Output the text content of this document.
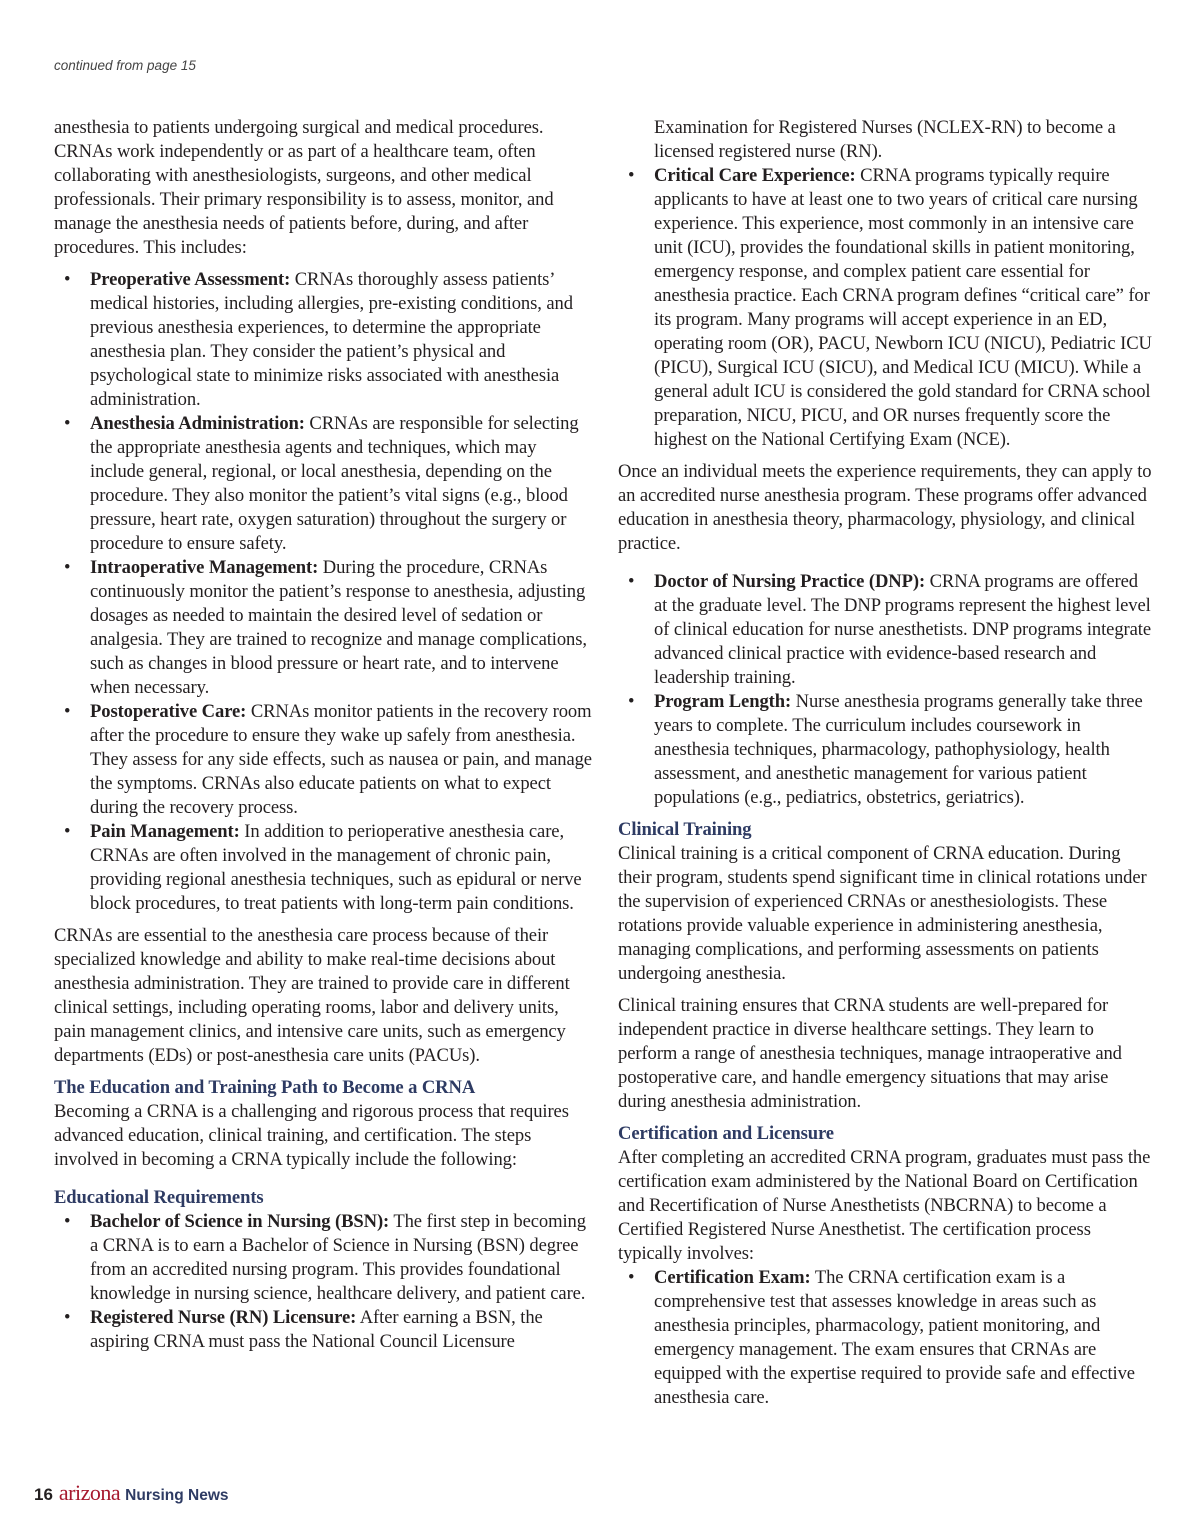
continued from page 15

anesthesia to patients undergoing surgical and medical procedures. CRNAs work independently or as part of a healthcare team, often collaborating with anesthesiologists, surgeons, and other medical professionals. Their primary responsibility is to assess, monitor, and manage the anesthesia needs of patients before, during, and after procedures. This includes:

• Preoperative Assessment: CRNAs thoroughly assess patients’ medical histories, including allergies, pre-existing conditions, and previous anesthesia experiences, to determine the appropriate anesthesia plan. They consider the patient’s physical and psychological state to minimize risks associated with anesthesia administration.
• Anesthesia Administration: CRNAs are responsible for selecting the appropriate anesthesia agents and techniques, which may include general, regional, or local anesthesia, depending on the procedure. They also monitor the patient’s vital signs (e.g., blood pressure, heart rate, oxygen saturation) throughout the surgery or procedure to ensure safety.
• Intraoperative Management: During the procedure, CRNAs continuously monitor the patient’s response to anesthesia, adjusting dosages as needed to maintain the desired level of sedation or analgesia. They are trained to recognize and manage complications, such as changes in blood pressure or heart rate, and to intervene when necessary.
• Postoperative Care: CRNAs monitor patients in the recovery room after the procedure to ensure they wake up safely from anesthesia. They assess for any side effects, such as nausea or pain, and manage the symptoms. CRNAs also educate patients on what to expect during the recovery process.
• Pain Management: In addition to perioperative anesthesia care, CRNAs are often involved in the management of chronic pain, providing regional anesthesia techniques, such as epidural or nerve block procedures, to treat patients with long-term pain conditions.

CRNAs are essential to the anesthesia care process because of their specialized knowledge and ability to make real-time decisions about anesthesia administration. They are trained to provide care in different clinical settings, including operating rooms, labor and delivery units, pain management clinics, and intensive care units, such as emergency departments (EDs) or post-anesthesia care units (PACUs).

The Education and Training Path to Become a CRNA

Becoming a CRNA is a challenging and rigorous process that requires advanced education, clinical training, and certification. The steps involved in becoming a CRNA typically include the following:

Educational Requirements
• Bachelor of Science in Nursing (BSN): The first step in becoming a CRNA is to earn a Bachelor of Science in Nursing (BSN) degree from an accredited nursing program. This provides foundational knowledge in nursing science, healthcare delivery, and patient care.
• Registered Nurse (RN) Licensure: After earning a BSN, the aspiring CRNA must pass the National Council Licensure

Examination for Registered Nurses (NCLEX-RN) to become a licensed registered nurse (RN).

• Critical Care Experience: CRNA programs typically require applicants to have at least one to two years of critical care nursing experience. This experience, most commonly in an intensive care unit (ICU), provides the foundational skills in patient monitoring, emergency response, and complex patient care essential for anesthesia practice. Each CRNA program defines “critical care” for its program. Many programs will accept experience in an ED, operating room (OR), PACU, Newborn ICU (NICU), Pediatric ICU (PICU), Surgical ICU (SICU), and Medical ICU (MICU). While a general adult ICU is considered the gold standard for CRNA school preparation, NICU, PICU, and OR nurses frequently score the highest on the National Certifying Exam (NCE).

Once an individual meets the experience requirements, they can apply to an accredited nurse anesthesia program. These programs offer advanced education in anesthesia theory, pharmacology, physiology, and clinical practice.

• Doctor of Nursing Practice (DNP): CRNA programs are offered at the graduate level. The DNP programs represent the highest level of clinical education for nurse anesthetists. DNP programs integrate advanced clinical practice with evidence-based research and leadership training.
• Program Length: Nurse anesthesia programs generally take three years to complete. The curriculum includes coursework in anesthesia techniques, pharmacology, pathophysiology, health assessment, and anesthetic management for various patient populations (e.g., pediatrics, obstetrics, geriatrics).
Clinical Training

Clinical training is a critical component of CRNA education. During their program, students spend significant time in clinical rotations under the supervision of experienced CRNAs or anesthesiologists. These rotations provide valuable experience in administering anesthesia, managing complications, and performing assessments on patients undergoing anesthesia.

Clinical training ensures that CRNA students are well-prepared for independent practice in diverse healthcare settings. They learn to perform a range of anesthesia techniques, manage intraoperative and postoperative care, and handle emergency situations that may arise during anesthesia administration.

Certification and Licensure

After completing an accredited CRNA program, graduates must pass the certification exam administered by the National Board on Certification and Recertification of Nurse Anesthetists (NBCRNA) to become a Certified Registered Nurse Anesthetist. The certification process typically involves:

• Certification Exam: The CRNA certification exam is a comprehensive test that assesses knowledge in areas such as anesthesia principles, pharmacology, patient monitoring, and emergency management. The exam ensures that CRNAs are equipped with the expertise required to provide safe and effective anesthesia care.
16 arizona Nursing News
